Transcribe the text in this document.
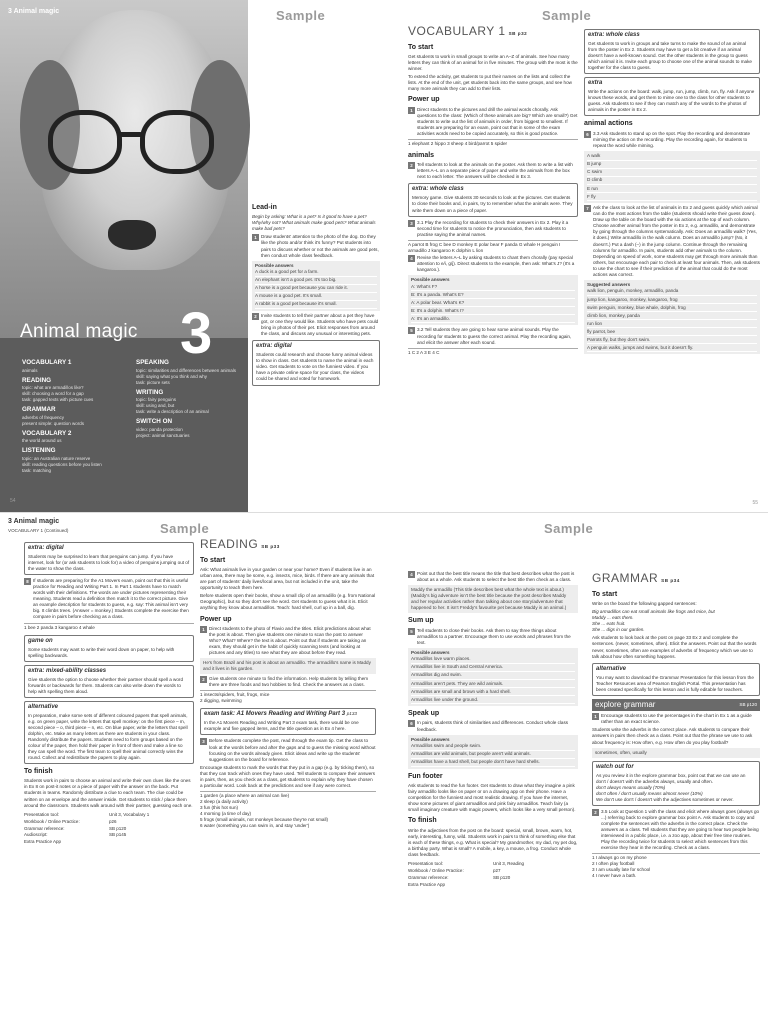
3 Animal magic
VOCABULARY 1
animals
READING
topic: what are armadillos like?
skill: choosing a word for a gap
task: gapped texts with picture cues
GRAMMAR
adverbs of frequency
present simple: question words
VOCABULARY 2
the world around us
LISTENING
topic: an Australian nature reserve
skill: reading questions before you listen
task: matching
SPEAKING
topic: similarities and differences between animals
skill: saying what you think and why
task: picture sets
WRITING
topic: fairy penguins
skill: using and, but
task: write a description of an animal
SWITCH ON
video: panda protection
project: animal sanctuaries
54
Animal magic 3
Sample
Lead-in

Begin by asking: What is a pet? Is it good to have a pet? Why/why not? What animals make good pets? What animals make bad pets?

1 Draw students' attention to the photo of the dog. Do they like the photo and/or think it's funny? Put students into pairs to discuss whether or not the animals are good pets, then conduct whole class feedback.
Possible answers
A duck is a good pet for a farm.
An elephant isn't a good pet. It's too big.
A horse is a good pet because you can ride it.
A mouse is a good pet. It's small.
A rabbit is a good pet because it's small.
2 Invite students to tell their partner about a pet they have got, or one they would like. Students who have pets could bring in photos of their pet. Elicit responses from around the class, and discuss any unusual or interesting pets.
extra: digital
Students could research and choose funny animal videos to show in class. Get students to name the animal in each video. Get students to vote on the funniest video. If you have a private online space for your class, the videos could be shared and voted for homework.
Sample
VOCABULARY 1 SB p32
To start

Get students to work in small groups to write an A–Z of animals. See how many letters they can think of an animal for in five minutes. The group with the most is the winner.

To extend the activity, get students to put their names on the lists and collect the lists. At the end of the unit, get students back into the same groups, and see how many more animals they can add to their lists.

Power up
1 Direct students to the pictures and drill the animal words chorally. Ask questions to the class: (Which of these animals are big? Which are small?) Get students to write out the list of animals in order, from biggest to smallest. If students are preparing for an exam, point out that in some of the exam activities words need to be copied accurately, so this is good practice.
1 elephant 2 hippo 3 sheep 4 bird/parrot 5 spider
animals
2 Tell students to look at the animals on the poster. Ask them to write a list with letters A–L on a separate piece of paper and write the animals from the box next to each letter. The answers will be checked in Ex 3.
extra: whole class
Memory game. Give students 30 seconds to look at the pictures. Get students to close their books and, in pairs, try to remember what the animals were. They write them down on a piece of paper.
3 3.1 Play the recording for students to check their answers in Ex 2. Play it a second time for students to notice the pronunciation, then ask students to practise saying the animal names.
A parrot B frog C bee D monkey E polar bear F panda G whale H penguin I armadillo J kangaroo K dolphin L lion
4 Revise the letters A–L by asking students to chant them chorally (pay special attention to e/i, g/j). Direct students to the example, then ask: What's J? (It's a kangaroo.).
Possible answers
A: What's F?
B: It's a panda. What's E?
A: A polar bear. What's K?
B: It's a dolphin. What's I?
A: It's an armadillo.
5 3.2 Tell students they are going to hear some animal sounds. Play the recording for students to guess the correct animal. Play the recording again, and elicit the answer after each sound.
1 C 2 A 3 E 4 C
extra: whole class
Get students to work in groups and take turns to make the sound of an animal from the poster in Ex 2. Students may have to get a bit creative if an animal doesn't have a well-known sound. Get the other students in the group to guess which animal it is. Invite each group to choose one of the animal sounds to make together for the class to guess.
extra
Write the actions on the board: walk, jump, run, jump, climb, run, fly. Ask if anyone knows these words, and get them to mime one to the class for other students to guess. Ask students to see if they can match any of the words to the photos of animals in the poster in Ex 2.
animal actions
6 3.3 Ask students to stand up on the spot. Play the recording and demonstrate miming the action on the recording. Play the recording again, for students to repeat the word while miming.
A walk
B jump
C swim
D climb
E run
F fly
7 Ask the class to look at the list of animals in Ex 2 and guess quickly which animal can do the most actions from the table (students should write their guess down). Draw up the table on the board with the six actions at the top of each column. Choose another animal from the poster in Ex 2, e.g. armadillo, and demonstrate by going through the columns systematically. Ask: Does an armadillo walk? (Yes, it does.) Write armadillo in the walk column. Does an armadillo jump? (No, it doesn't.) Put a dash (–) in the jump column. Continue through the remaining columns for armadillo. In pairs, students add other animals to the column. Depending on speed of work, some students may get through more animals than others, but encourage each pair to check at least four animals. Then, ask students to use the chart to see if their prediction of the animal that could do the most actions was correct.
Suggested answers
walk lion, penguin, monkey, armadillo, panda
jump lion, kangaroo, monkey, kangaroo, frog
swim penguin, monkey, blue whale, dolphin, frog
climb lion, monkey, panda
run lion
fly parrot, bee
Parrots fly, but they don't swim.
A penguin walks, jumps and swims, but it doesn't fly.
55
3 Animal magic
VOCABULARY 1 (Continued)	Sample
extra: digital
Students may be surprised to learn that penguins can jump. If you have internet, look for (or ask students to look for) a video of penguins jumping out of the water to show the class.
8 If students are preparing for the A1 Movers exam, point out that this is useful practice for Reading and Writing Part 1. In Part 1 students have to match words with their definitions. The words are under pictures representing their meaning. Students read a definition then match it to the correct picture. Give an example description for students to guess, e.g. say: This animal isn't very big. It climbs trees. (Answer = monkey.) Students complete the exercise then compare in pairs before checking as a class.
1 bee 2 panda 3 kangaroo 4 whale
game on
Some students may want to write their word down on paper, to help with spelling backwards.
extra: mixed-ability classes
Give students the option to choose whether their partner should spell a word forwards or backwards for them. Students can also write down the words to help with spelling them aloud.
alternative
In preparation, make some sets of different coloured papers that spell animals, e.g. on green paper, write the letters that spell monkey: on the first piece – m, second piece – o, third piece – n, etc. On blue paper, write the letters that spell dolphin, etc. Make as many letters as there are students in your class. Randomly distribute the papers. Students need to form groups based on the colour of the paper, then hold their paper in front of them and make a line so they can spell the word. The first team to spell their animal correctly wins the round. Collect and redistribute the papers to play again.
To finish

Students work in pairs to choose an animal and write their own clues like the ones in Ex 8 on post-it notes or a piece of paper with the answer on the back. Put students in teams. Randomly distribute a clue to each team. The clue could be written on an envelope and the answer inside. Get students to stick / place them around the classroom. Students walk around with their partner, guessing each one.

Presentation tool:	Unit 3, Vocabulary 1
Workbook / Online Practice:	p26
Grammar reference:	SB p120
Audioscript:	SB p145
Extra Practice App
READING SB p33
To start

Ask: What animals live in your garden or near your home? Even if students live in an urban area, there may be some, e.g. insects, mice, birds. If there are any animals that are part of students' daily lives/local area, but not included in the unit, take the opportunity to teach them here.

Before students open their books, show a small clip of an armadillo (e.g. from National Geographic), but so they don't see the word. Get students to guess what it is. Elicit anything they know about armadillos. Teach: hard shell, curl up in a ball, dig.

Power up
1 Direct students to the photo of Flavio and the titles. Elicit predictions about what the post is about. Then give students one minute to scan the post to answer Who? What? Where? the text is about. Point out that if students are taking an exam, they should get in the habit of quickly scanning texts (and looking at pictures and any titles) to see what they are about before they read.
He's from Brazil and his post is about an armadillo. The armadillo's name is Maddy and it lives in his garden.
2 Give students one minute to find the information. Help students by telling them there are three foods and two hobbies to find. Check the answers as a class.
1 insects/spiders, fruit, frogs, mice
2 digging, swimming
exam task: A1 Movers Reading and Writing Part 3 p133
In the A1 Movers Reading and Writing Part 3 exam task, there would be one example and five gapped items, and the title question as in Ex 4 here.
3 Before students complete the post, read through the exam tip. Get the class to look at the words before and after the gaps and to guess the missing word without focusing on the words already given. Elicit ideas and write up the students' suggestions on the board for reference.

Encourage students to mark the words that they put in a gap (e.g. by ticking them), so that they can track which ones they have used. Tell students to compare their answers in pairs, then, as you check as a class, get students to explain why they have chosen a particular word. Look back at the predictions and see if any were correct.

1 garden (a place where an animal can live)
2 sleep (a daily activity)
3 fun (this hot sun)
4 morning (a time of day)
5 frogs (small animals, not monkeys because they're not small)
6 water (something you can swim in, and stay 'under')
Sample
4 Point out that the best title means the title that best describes what the post is about as a whole. Ask students to select the best title then check as a class.
Maddy the armadillo (This title describes best what the whole text is about.)
(Maddy's big adventure isn't the best title because the post describes Maddy and her regular activities rather than talking about one story/adventure that happened to her. It isn't Freddy's favourite pet because Maddy is an animal.)
Sum up
5 Tell students to close their books. Ask them to say three things about armadillos to a partner. Encourage them to use words and phrases from the text.
Possible answers
Armadillos love warm places.
Armadillos live in South and Central America.
Armadillos dig and swim.
Armadillos aren't pets. They are wild animals.
Armadillos are small and brown with a hard shell.
Armadillos live under the ground.
Speak up
6 In pairs, students think of similarities and differences. Conduct whole class feedback.
Possible answers
Armadillos swim and people swim.
Armadillos are wild animals, but people aren't wild animals.
Armadillos have a hard shell, but people don't have hard shells.
Fun footer

Ask students to read the fun footer. Get students to draw what they imagine a pink fairy armadillo looks like on paper or on a drawing app on their phone. Have a competition for the funniest and most realistic drawing. If you have the internet, show some pictures of giant armadillos and pink fairy armadillos. Teach fairy (a small imaginary creature with magic powers, which looks like a very small person).

To finish

Write the adjectives from the post on the board: special, small, brown, warm, hot, early, interesting, funny, wild. Students work in pairs to think of something else that is each of these things, e.g. What is special? My grandmother, my dad, my pet dog, a birthday party. What is small? A mobile, a key, a mouse, a frog. Conduct whole class feedback.

Presentation tool:	Unit 3, Reading
Workbook / Online Practice:	p27
Grammar reference:	SB p120
Extra Practice App
GRAMMAR SB p34
To start

Write on the board the following gapped sentences:

Big armadillos can eat small animals like frogs and mice, but
Maddy ... eats them.
She ... eats fruit.
She ... digs in our garden.

Ask students to look back at the post on page 33 Ex 2 and complete the sentences. (never, sometimes, often). Elicit the answers. Point out that the words never, sometimes, often are examples of adverbs of frequency which we use to talk about how often something happens.

alternative
You may want to download the Grammar Presentation for this lesson from the Teacher Resources area of Pearson English Portal. This presentation has been created specifically for this lesson and is fully editable for teachers.
explore grammar	SB p120
1 Encourage students to use the percentages in the chart in Ex 1 as a guide rather than an exact science.

Students write the adverbs in the correct place. Ask students to compare their answers in pairs then check as a class. Point out that the phrase we use to ask about frequency is: How often, e.g. How often do you play football?

sometimes, often, usually
watch out for
As you review it in the explore grammar box, point out that we can use an don't / doesn't with the adverbs always, usually and often.
don't always means usually (70%)
don't often / don't usually means almost never (10%)
We don't use don't / doesn't with the adjectives sometimes or never.
2 3.5 Look at Question 1 with the class and elicit where always goes (always go ...) referring back to explore grammar box point A. Ask students to copy and complete the sentences with the adverbs in the correct place. Check the answers as a class. Tell students that they are going to hear two people being interviewed in a public place, i.e. a zoo app, about their free time routines. Play the recording twice for students to select which sentences from this exercise they hear in the recording. Check as a class.
1 I always go on my phone
2 I often play football
3 I am usually late for school
4 I never have a bath.
